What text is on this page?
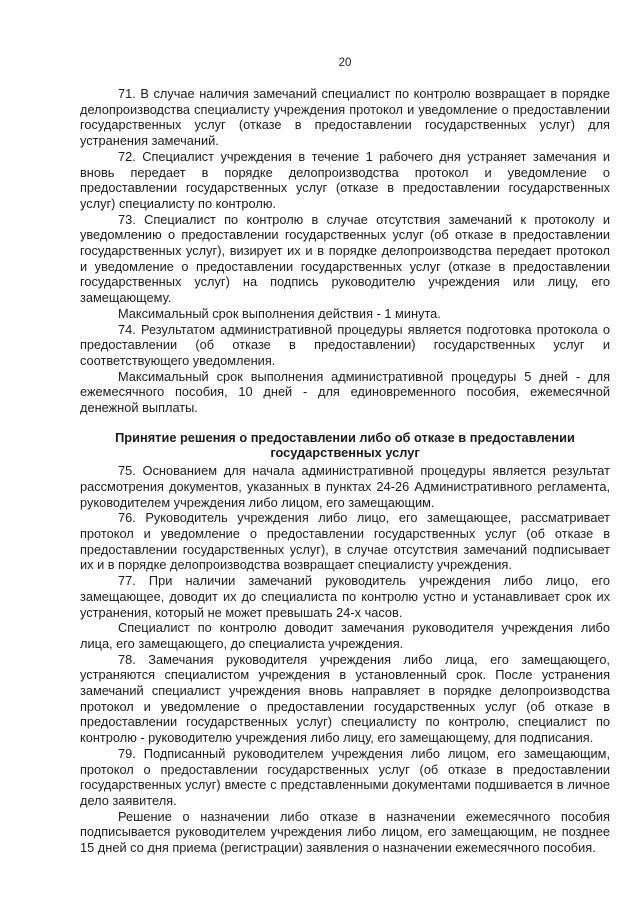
20

71. В случае наличия замечаний специалист по контролю возвращает в порядке делопроизводства специалисту учреждения протокол и уведомление о предоставлении государственных услуг (отказе в предоставлении государственных услуг) для устранения замечаний.

72. Специалист учреждения в течение 1 рабочего дня устраняет замечания и вновь передает в порядке делопроизводства протокол и уведомление о предоставлении государственных услуг (отказе в предоставлении государственных услуг) специалисту по контролю.

73. Специалист по контролю в случае отсутствия замечаний к протоколу и уведомлению о предоставлении государственных услуг (об отказе в предоставлении государственных услуг), визирует их и в порядке делопроизводства передает протокол и уведомление о предоставлении государственных услуг (отказе в предоставлении государственных услуг) на подпись руководителю учреждения или лицу, его замещающему.

Максимальный срок выполнения действия - 1 минута.

74. Результатом административной процедуры является подготовка протокола о предоставлении (об отказе в предоставлении) государственных услуг и соответствующего уведомления.

Максимальный срок выполнения административной процедуры 5 дней - для ежемесячного пособия, 10 дней - для единовременного пособия, ежемесячной денежной выплаты.

Принятие решения о предоставлении либо об отказе в предоставлении государственных услуг

75. Основанием для начала административной процедуры является результат рассмотрения документов, указанных в пунктах 24-26 Административного регламента, руководителем учреждения либо лицом, его замещающим.

76. Руководитель учреждения либо лицо, его замещающее, рассматривает протокол и уведомление о предоставлении государственных услуг (об отказе в предоставлении государственных услуг), в случае отсутствия замечаний подписывает их и в порядке делопроизводства возвращает специалисту учреждения.

77. При наличии замечаний руководитель учреждения либо лицо, его замещающее, доводит их до специалиста по контролю устно и устанавливает срок их устранения, который не может превышать 24-х часов.

Специалист по контролю доводит замечания руководителя учреждения либо лица, его замещающего, до специалиста учреждения.

78. Замечания руководителя учреждения либо лица, его замещающего, устраняются специалистом учреждения в установленный срок. После устранения замечаний специалист учреждения вновь направляет в порядке делопроизводства протокол и уведомление о предоставлении государственных услуг (об отказе в предоставлении государственных услуг) специалисту по контролю, специалист по контролю - руководителю учреждения либо лицу, его замещающему, для подписания.

79. Подписанный руководителем учреждения либо лицом, его замещающим, протокол о предоставлении государственных услуг (об отказе в предоставлении государственных услуг) вместе с представленными документами подшивается в личное дело заявителя.

Решение о назначении либо отказе в назначении ежемесячного пособия подписывается руководителем учреждения либо лицом, его замещающим, не позднее 15 дней со дня приема (регистрации) заявления о назначении ежемесячного пособия.
